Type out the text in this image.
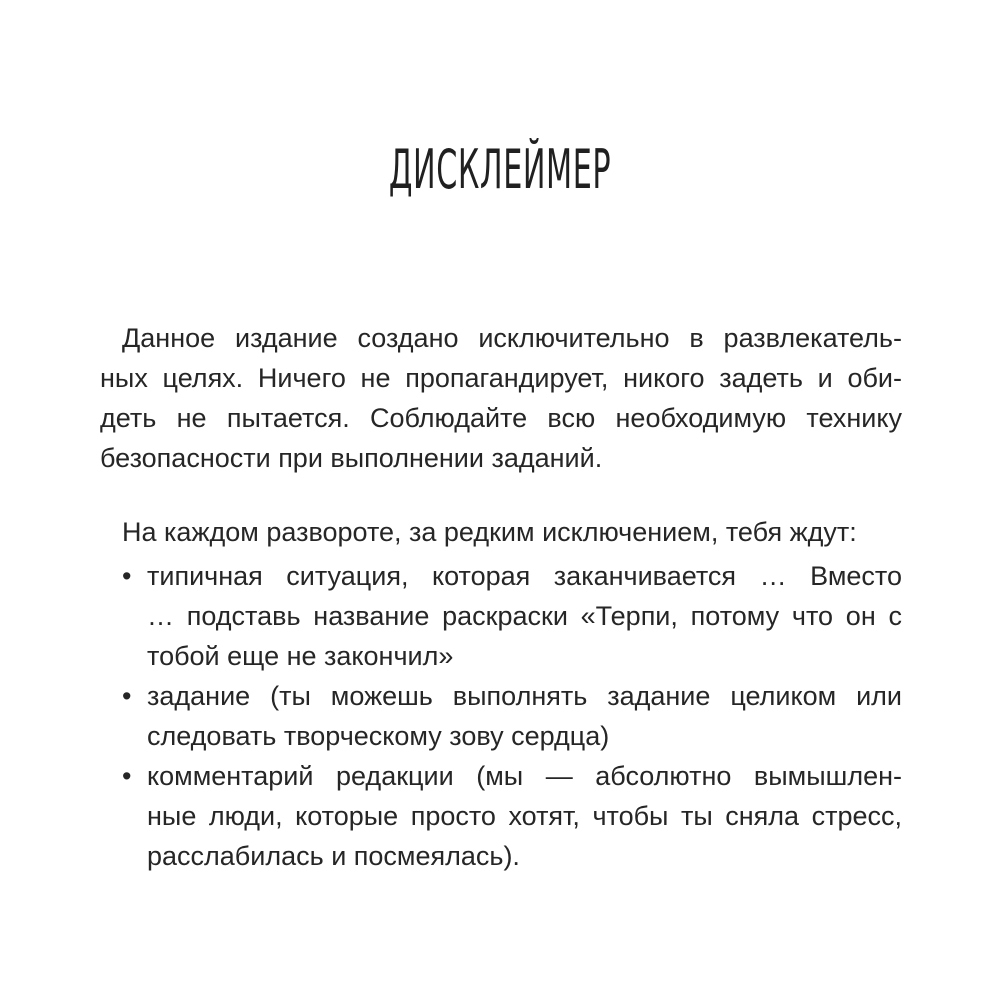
ДИСКЛЕЙМЕР
Данное издание создано исключительно в развлекатель-
ных целях. Ничего не пропагандирует, никого задеть и оби-
деть не пытается. Соблюдайте всю необходимую технику
безопасности при выполнении заданий.
На каждом развороте, за редким исключением, тебя ждут:
• типичная ситуация, которая заканчивается … Вместо
… подставь название раскраски «Терпи, потому что он с
тобой еще не закончил»
• задание (ты можешь выполнять задание целиком или
следовать творческому зову сердца)
• комментарий редакции (мы — абсолютно вымышлен-
ные люди, которые просто хотят, чтобы ты сняла стресс,
расслабилась и посмеялась).
